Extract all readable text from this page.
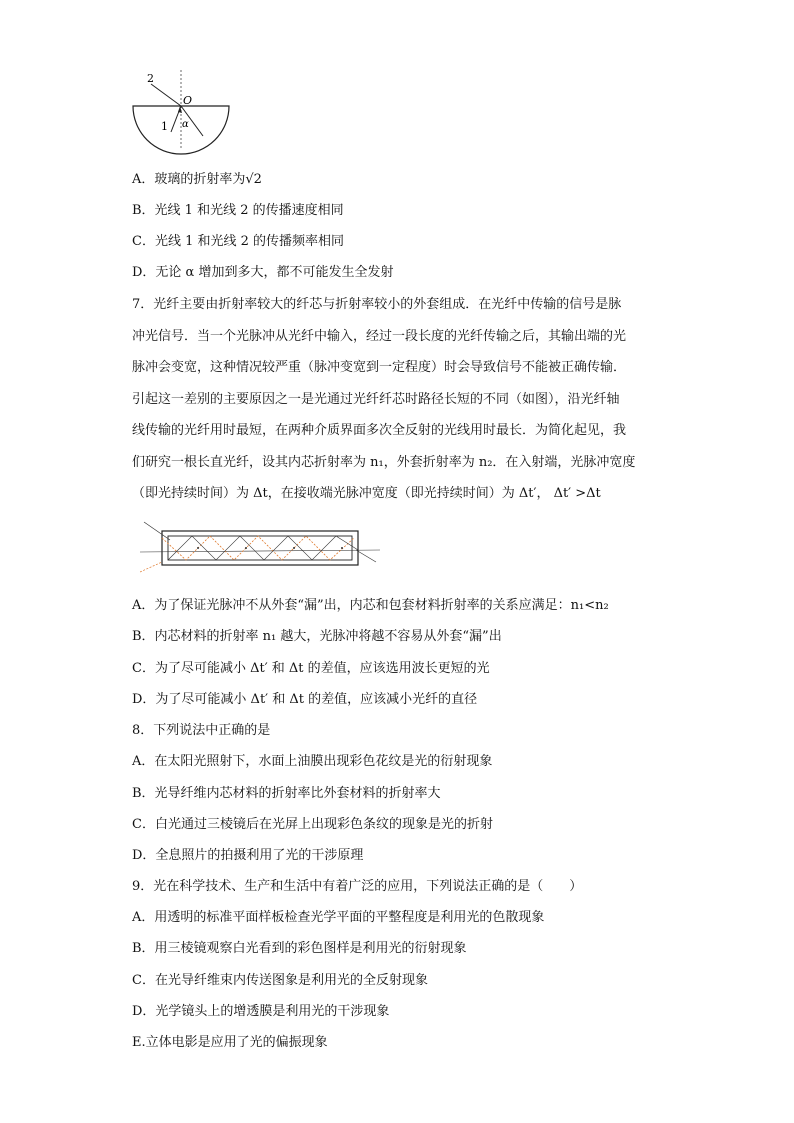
2
1
O
α
A．玻璃的折射率为√2
B．光线 1 和光线 2 的传播速度相同
C．光线 1 和光线 2 的传播频率相同
D．无论 α 增加到多大，都不可能发生全发射
7．光纤主要由折射率较大的纤芯与折射率较小的外套组成．在光纤中传输的信号是脉
冲光信号．当一个光脉冲从光纤中输入，经过一段长度的光纤传输之后，其输出端的光
脉冲会变宽，这种情况较严重（脉冲变宽到一定程度）时会导致信号不能被正确传输．
引起这一差别的主要原因之一是光通过光纤纤芯时路径长短的不同（如图），沿光纤轴
线传输的光纤用时最短，在两种介质界面多次全反射的光线用时最长．为简化起见，我
们研究一根长直光纤，设其内芯折射率为 n₁，外套折射率为 n₂．在入射端，光脉冲宽度
（即光持续时间）为 Δt，在接收端光脉冲宽度（即光持续时间）为 Δt′， Δt′ >Δt
A．为了保证光脉冲不从外套“漏”出，内芯和包套材料折射率的关系应满足：n₁<n₂
B．内芯材料的折射率 n₁ 越大，光脉冲将越不容易从外套“漏”出
C．为了尽可能减小 Δt′ 和 Δt 的差值，应该选用波长更短的光
D．为了尽可能减小 Δt′ 和 Δt 的差值，应该减小光纤的直径
8．下列说法中正确的是
A．在太阳光照射下，水面上油膜出现彩色花纹是光的衍射现象
B．光导纤维内芯材料的折射率比外套材料的折射率大
C．白光通过三棱镜后在光屏上出现彩色条纹的现象是光的折射
D．全息照片的拍摄利用了光的干涉原理
9．光在科学技术、生产和生活中有着广泛的应用，下列说法正确的是（　　）
A．用透明的标准平面样板检查光学平面的平整程度是利用光的色散现象
B．用三棱镜观察白光看到的彩色图样是利用光的衍射现象
C．在光导纤维束内传送图象是利用光的全反射现象
D．光学镜头上的增透膜是利用光的干涉现象
E.立体电影是应用了光的偏振现象
